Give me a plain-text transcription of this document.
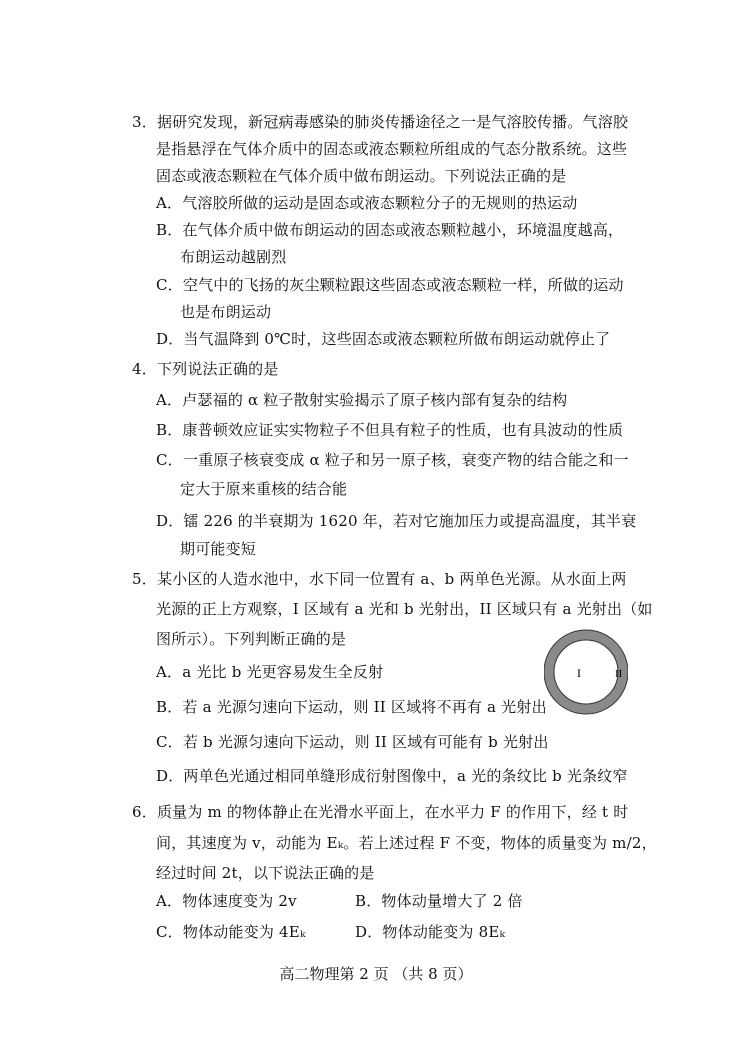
3．据研究发现，新冠病毒感染的肺炎传播途径之一是气溶胶传播。气溶胶
是指悬浮在气体介质中的固态或液态颗粒所组成的气态分散系统。这些
固态或液态颗粒在气体介质中做布朗运动。下列说法正确的是
A．气溶胶所做的运动是固态或液态颗粒分子的无规则的热运动
B．在气体介质中做布朗运动的固态或液态颗粒越小，环境温度越高，
布朗运动越剧烈
C．空气中的飞扬的灰尘颗粒跟这些固态或液态颗粒一样，所做的运动
也是布朗运动
D．当气温降到 0℃时，这些固态或液态颗粒所做布朗运动就停止了
4．下列说法正确的是
A．卢瑟福的 α 粒子散射实验揭示了原子核内部有复杂的结构
B．康普顿效应证实实物粒子不但具有粒子的性质，也有具波动的性质
C．一重原子核衰变成 α 粒子和另一原子核，衰变产物的结合能之和一
定大于原来重核的结合能
D．镭 226 的半衰期为 1620 年，若对它施加压力或提高温度，其半衰
期可能变短
5．某小区的人造水池中，水下同一位置有 a、b 两单色光源。从水面上两
光源的正上方观察，I 区域有 a 光和 b 光射出，II 区域只有 a 光射出（如
图所示）。下列判断正确的是
A．a 光比 b 光更容易发生全反射
B．若 a 光源匀速向下运动，则 II 区域将不再有 a 光射出
C．若 b 光源匀速向下运动，则 II 区域有可能有 b 光射出
D．两单色光通过相同单缝形成衍射图像中，a 光的条纹比 b 光条纹窄
I	II
6．质量为 m 的物体静止在光滑水平面上，在水平力 F 的作用下，经 t 时
间，其速度为 v，动能为 Eₖ。若上述过程 F 不变，物体的质量变为 m/2，
经过时间 2t，以下说法正确的是
A．物体速度变为 2v	B．物体动量增大了 2 倍
C．物体动能变为 4Eₖ	D．物体动能变为 8Eₖ
高二物理第 2 页 （共 8 页）
